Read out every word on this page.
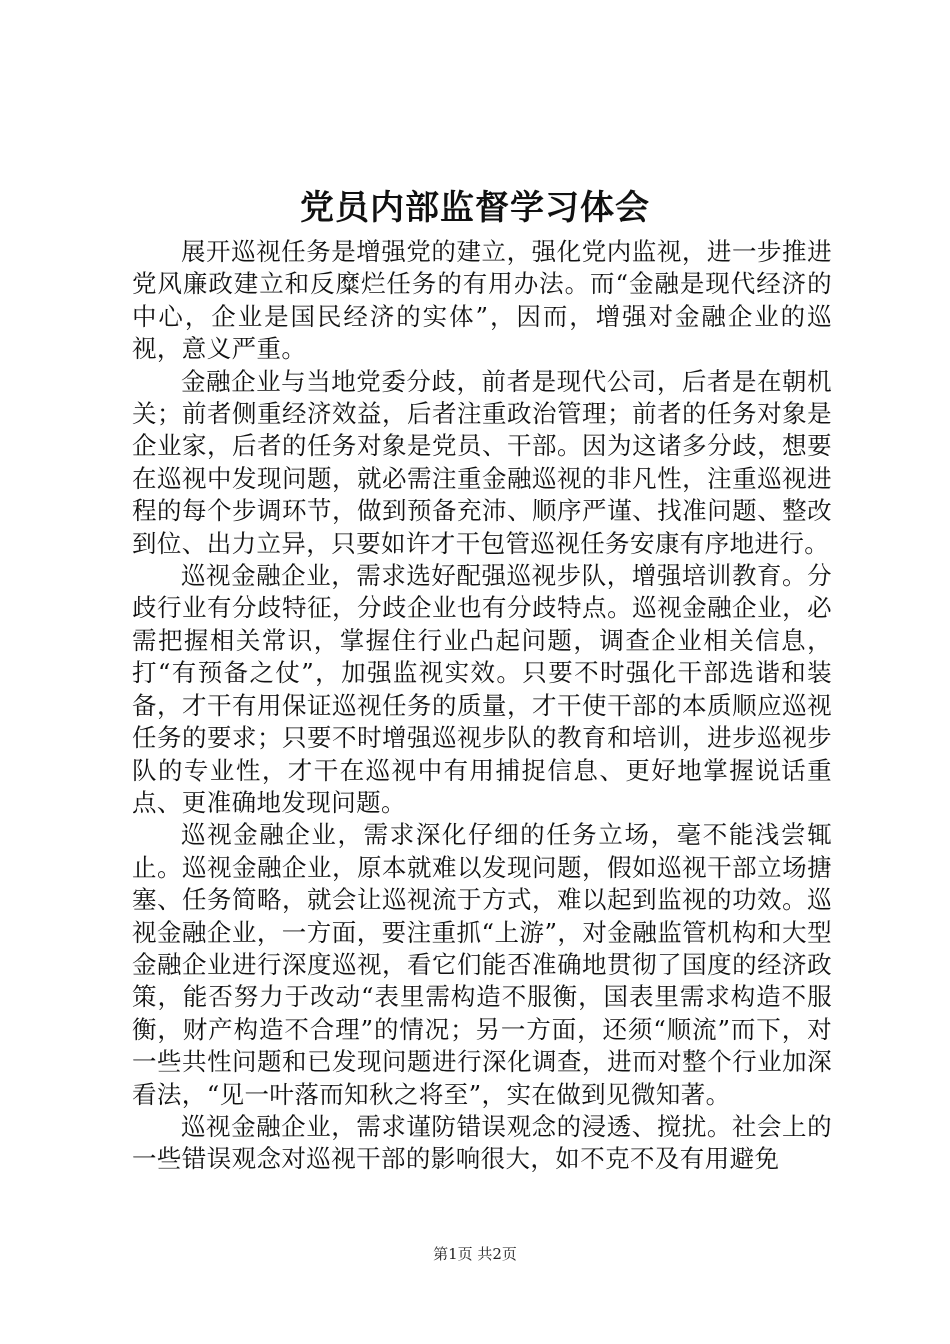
党员内部监督学习体会

展开巡视任务是增强党的建立，强化党内监视，进一步推进党风廉政建立和反糜烂任务的有用办法。而“金融是现代经济的中心，企业是国民经济的实体”，因而，增强对金融企业的巡视，意义严重。

金融企业与当地党委分歧，前者是现代公司，后者是在朝机关；前者侧重经济效益，后者注重政治管理；前者的任务对象是企业家，后者的任务对象是党员、干部。因为这诸多分歧，想要在巡视中发现问题，就必需注重金融巡视的非凡性，注重巡视进程的每个步调环节，做到预备充沛、顺序严谨、找准问题、整改到位、出力立异，只要如许才干包管巡视任务安康有序地进行。

巡视金融企业，需求选好配强巡视步队，增强培训教育。分歧行业有分歧特征，分歧企业也有分歧特点。巡视金融企业，必需把握相关常识，掌握住行业凸起问题，调查企业相关信息，打“有预备之仗”，加强监视实效。只要不时强化干部选谐和装备，才干有用保证巡视任务的质量，才干使干部的本质顺应巡视任务的要求；只要不时增强巡视步队的教育和培训，进步巡视步队的专业性，才干在巡视中有用捕捉信息、更好地掌握说话重点、更准确地发现问题。

巡视金融企业，需求深化仔细的任务立场，毫不能浅尝辄止。巡视金融企业，原本就难以发现问题，假如巡视干部立场搪塞、任务简略，就会让巡视流于方式，难以起到监视的功效。巡视金融企业，一方面，要注重抓“上游”，对金融监管机构和大型金融企业进行深度巡视，看它们能否准确地贯彻了国度的经济政策，能否努力于改动“表里需构造不服衡，国表里需求构造不服衡，财产构造不合理”的情况；另一方面，还须“顺流”而下，对一些共性问题和已发现问题进行深化调查，进而对整个行业加深看法，“见一叶落而知秋之将至”，实在做到见微知著。

巡视金融企业，需求谨防错误观念的浸透、搅扰。社会上的一些错误观念对巡视干部的影响很大，如不克不及有用避免

第1页 共2页
